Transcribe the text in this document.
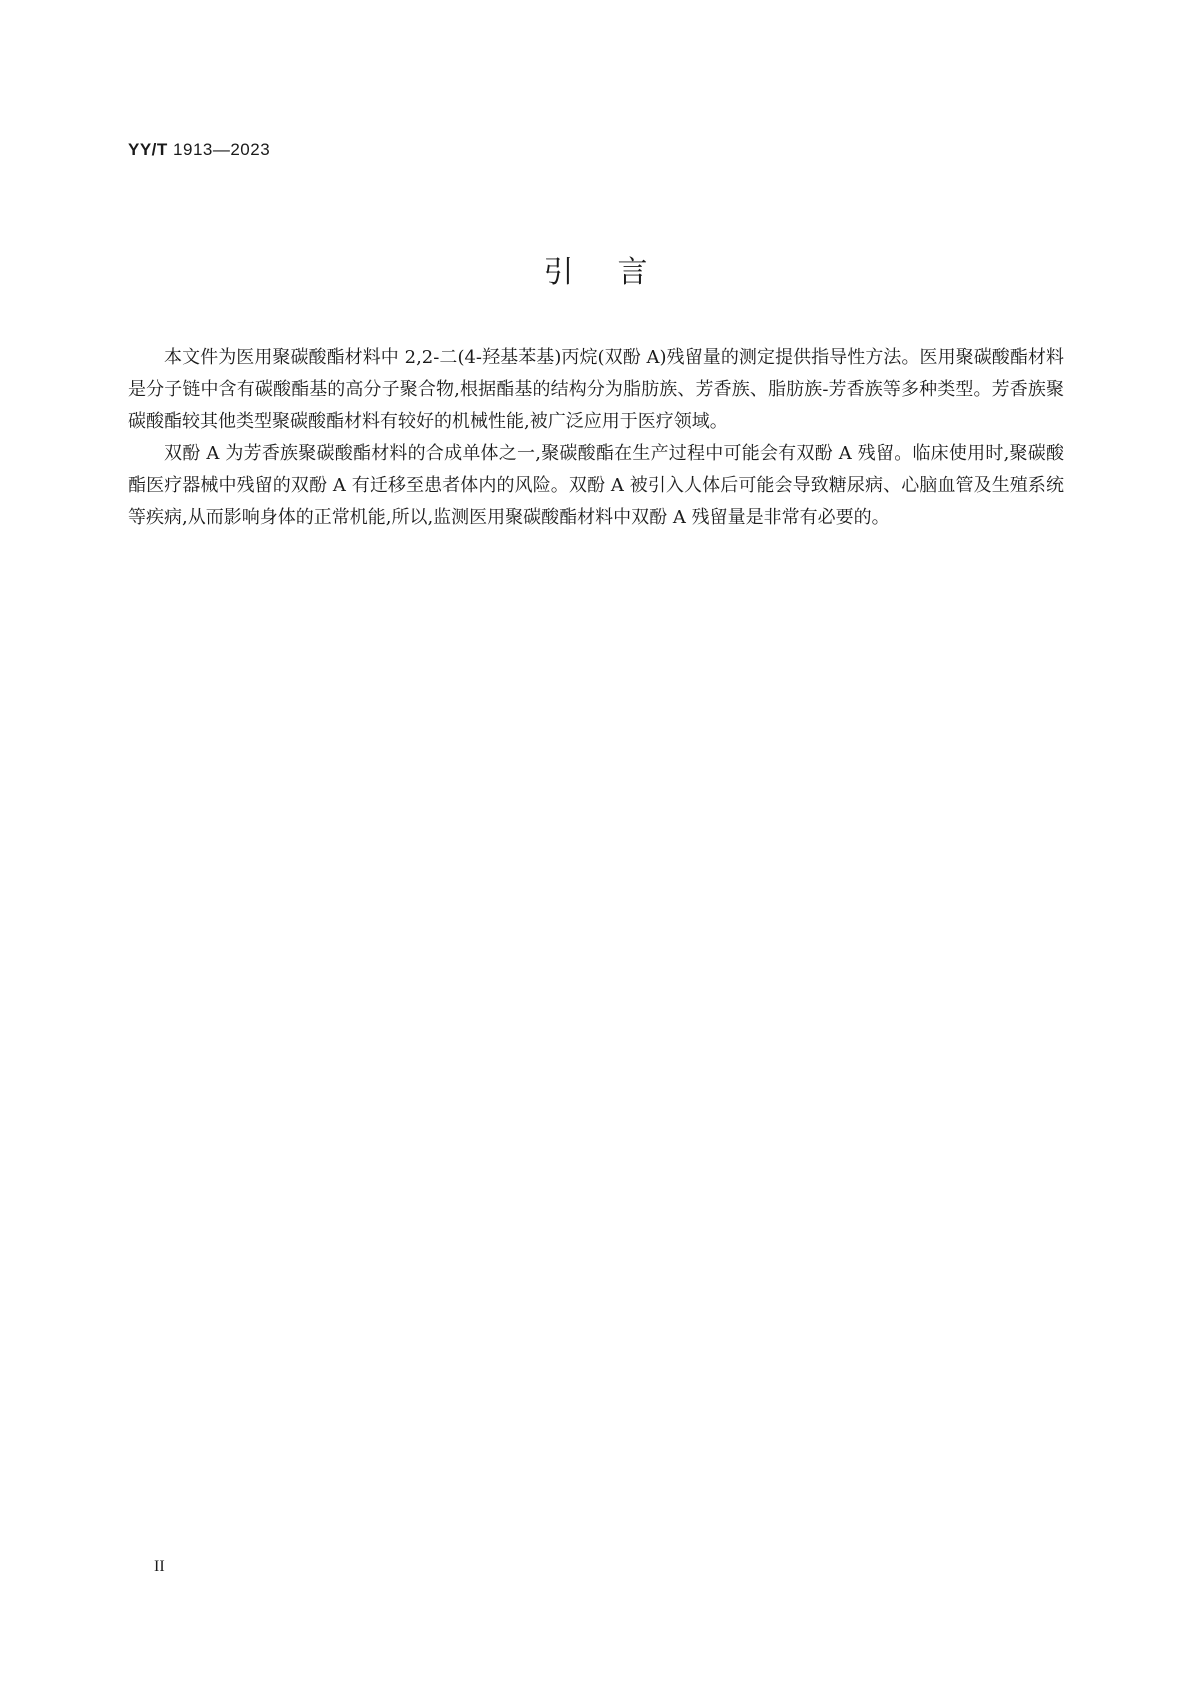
YY/T 1913—2023
引言

本文件为医用聚碳酸酯材料中 2,2-二(4-羟基苯基)丙烷(双酚 A)残留量的测定提供指导性方法。医用聚碳酸酯材料是分子链中含有碳酸酯基的高分子聚合物,根据酯基的结构分为脂肪族、芳香族、脂肪族-芳香族等多种类型。芳香族聚碳酸酯较其他类型聚碳酸酯材料有较好的机械性能,被广泛应用于医疗领域。

双酚 A 为芳香族聚碳酸酯材料的合成单体之一,聚碳酸酯在生产过程中可能会有双酚 A 残留。临床使用时,聚碳酸酯医疗器械中残留的双酚 A 有迁移至患者体内的风险。双酚 A 被引入人体后可能会导致糖尿病、心脑血管及生殖系统等疾病,从而影响身体的正常机能,所以,监测医用聚碳酸酯材料中双酚 A 残留量是非常有必要的。

II
